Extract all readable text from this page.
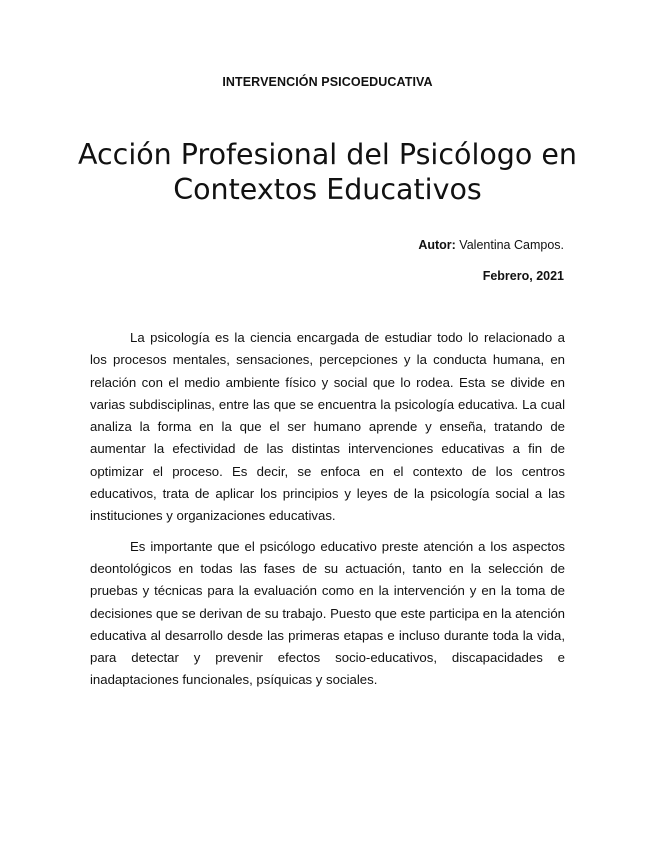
INTERVENCIÓN PSICOEDUCATIVA
Acción Profesional del Psicólogo en Contextos Educativos
Autor: Valentina Campos.
Febrero, 2021

La psicología es la ciencia encargada de estudiar todo lo relacionado a los procesos mentales, sensaciones, percepciones y la conducta humana, en relación con el medio ambiente físico y social que lo rodea. Esta se divide en varias subdisciplinas, entre las que se encuentra la psicología educativa. La cual analiza la forma en la que el ser humano aprende y enseña, tratando de aumentar la efectividad de las distintas intervenciones educativas a fin de optimizar el proceso. Es decir, se enfoca en el contexto de los centros educativos, trata de aplicar los principios y leyes de la psicología social a las instituciones y organizaciones educativas.

Es importante que el psicólogo educativo preste atención a los aspectos deontológicos en todas las fases de su actuación, tanto en la selección de pruebas y técnicas para la evaluación como en la intervención y en la toma de decisiones que se derivan de su trabajo. Puesto que este participa en la atención educativa al desarrollo desde las primeras etapas e incluso durante toda la vida, para detectar y prevenir efectos socio-educativos, discapacidades e inadaptaciones funcionales, psíquicas y sociales.
